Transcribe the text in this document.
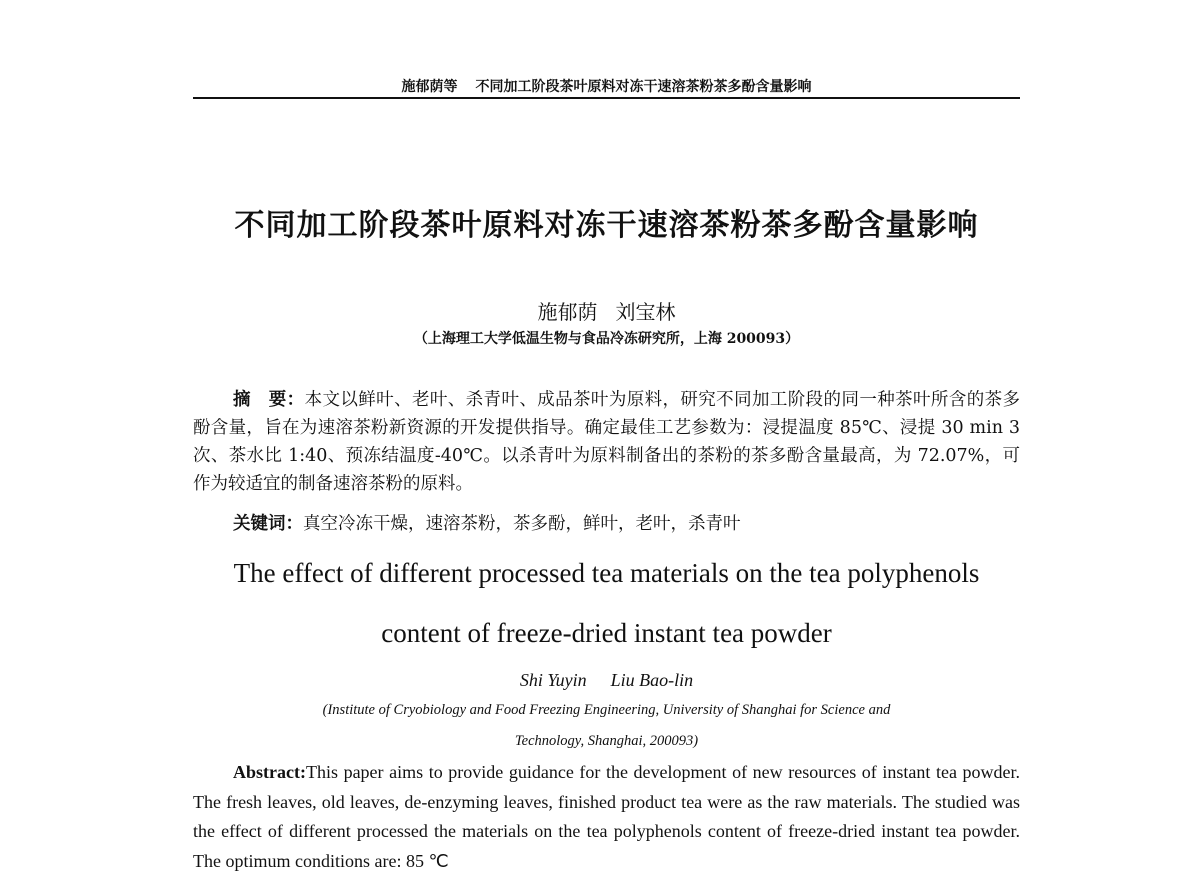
施郁荫等 不同加工阶段茶叶原料对冻干速溶茶粉茶多酚含量影响
不同加工阶段茶叶原料对冻干速溶茶粉茶多酚含量影响
施郁荫 刘宝林
（上海理工大学低温生物与食品冷冻研究所，上海 200093）
摘　要：本文以鲜叶、老叶、杀青叶、成品茶叶为原料，研究不同加工阶段的同一种茶叶所含的茶多酚含量，旨在为速溶茶粉新资源的开发提供指导。确定最佳工艺参数为：浸提温度 85℃、浸提 30 min 3 次、茶水比 1:40、预冻结温度-40℃。以杀青叶为原料制备出的茶粉的茶多酚含量最高，为 72.07%，可作为较适宜的制备速溶茶粉的原料。
关键词：真空冷冻干燥，速溶茶粉，茶多酚，鲜叶，老叶，杀青叶
The effect of different processed tea materials on the tea polyphenols
content of freeze-dried instant tea powder
Shi Yuyin Liu Bao-lin
(Institute of Cryobiology and Food Freezing Engineering, University of Shanghai for Science and
Technology, Shanghai, 200093)
Abstract:This paper aims to provide guidance for the development of new resources of instant tea powder. The fresh leaves, old leaves, de-enzyming leaves, finished product tea were as the raw materials. The studied was the effect of different processed the materials on the tea polyphenols content of freeze-dried instant tea powder. The optimum conditions are: 85 ℃
